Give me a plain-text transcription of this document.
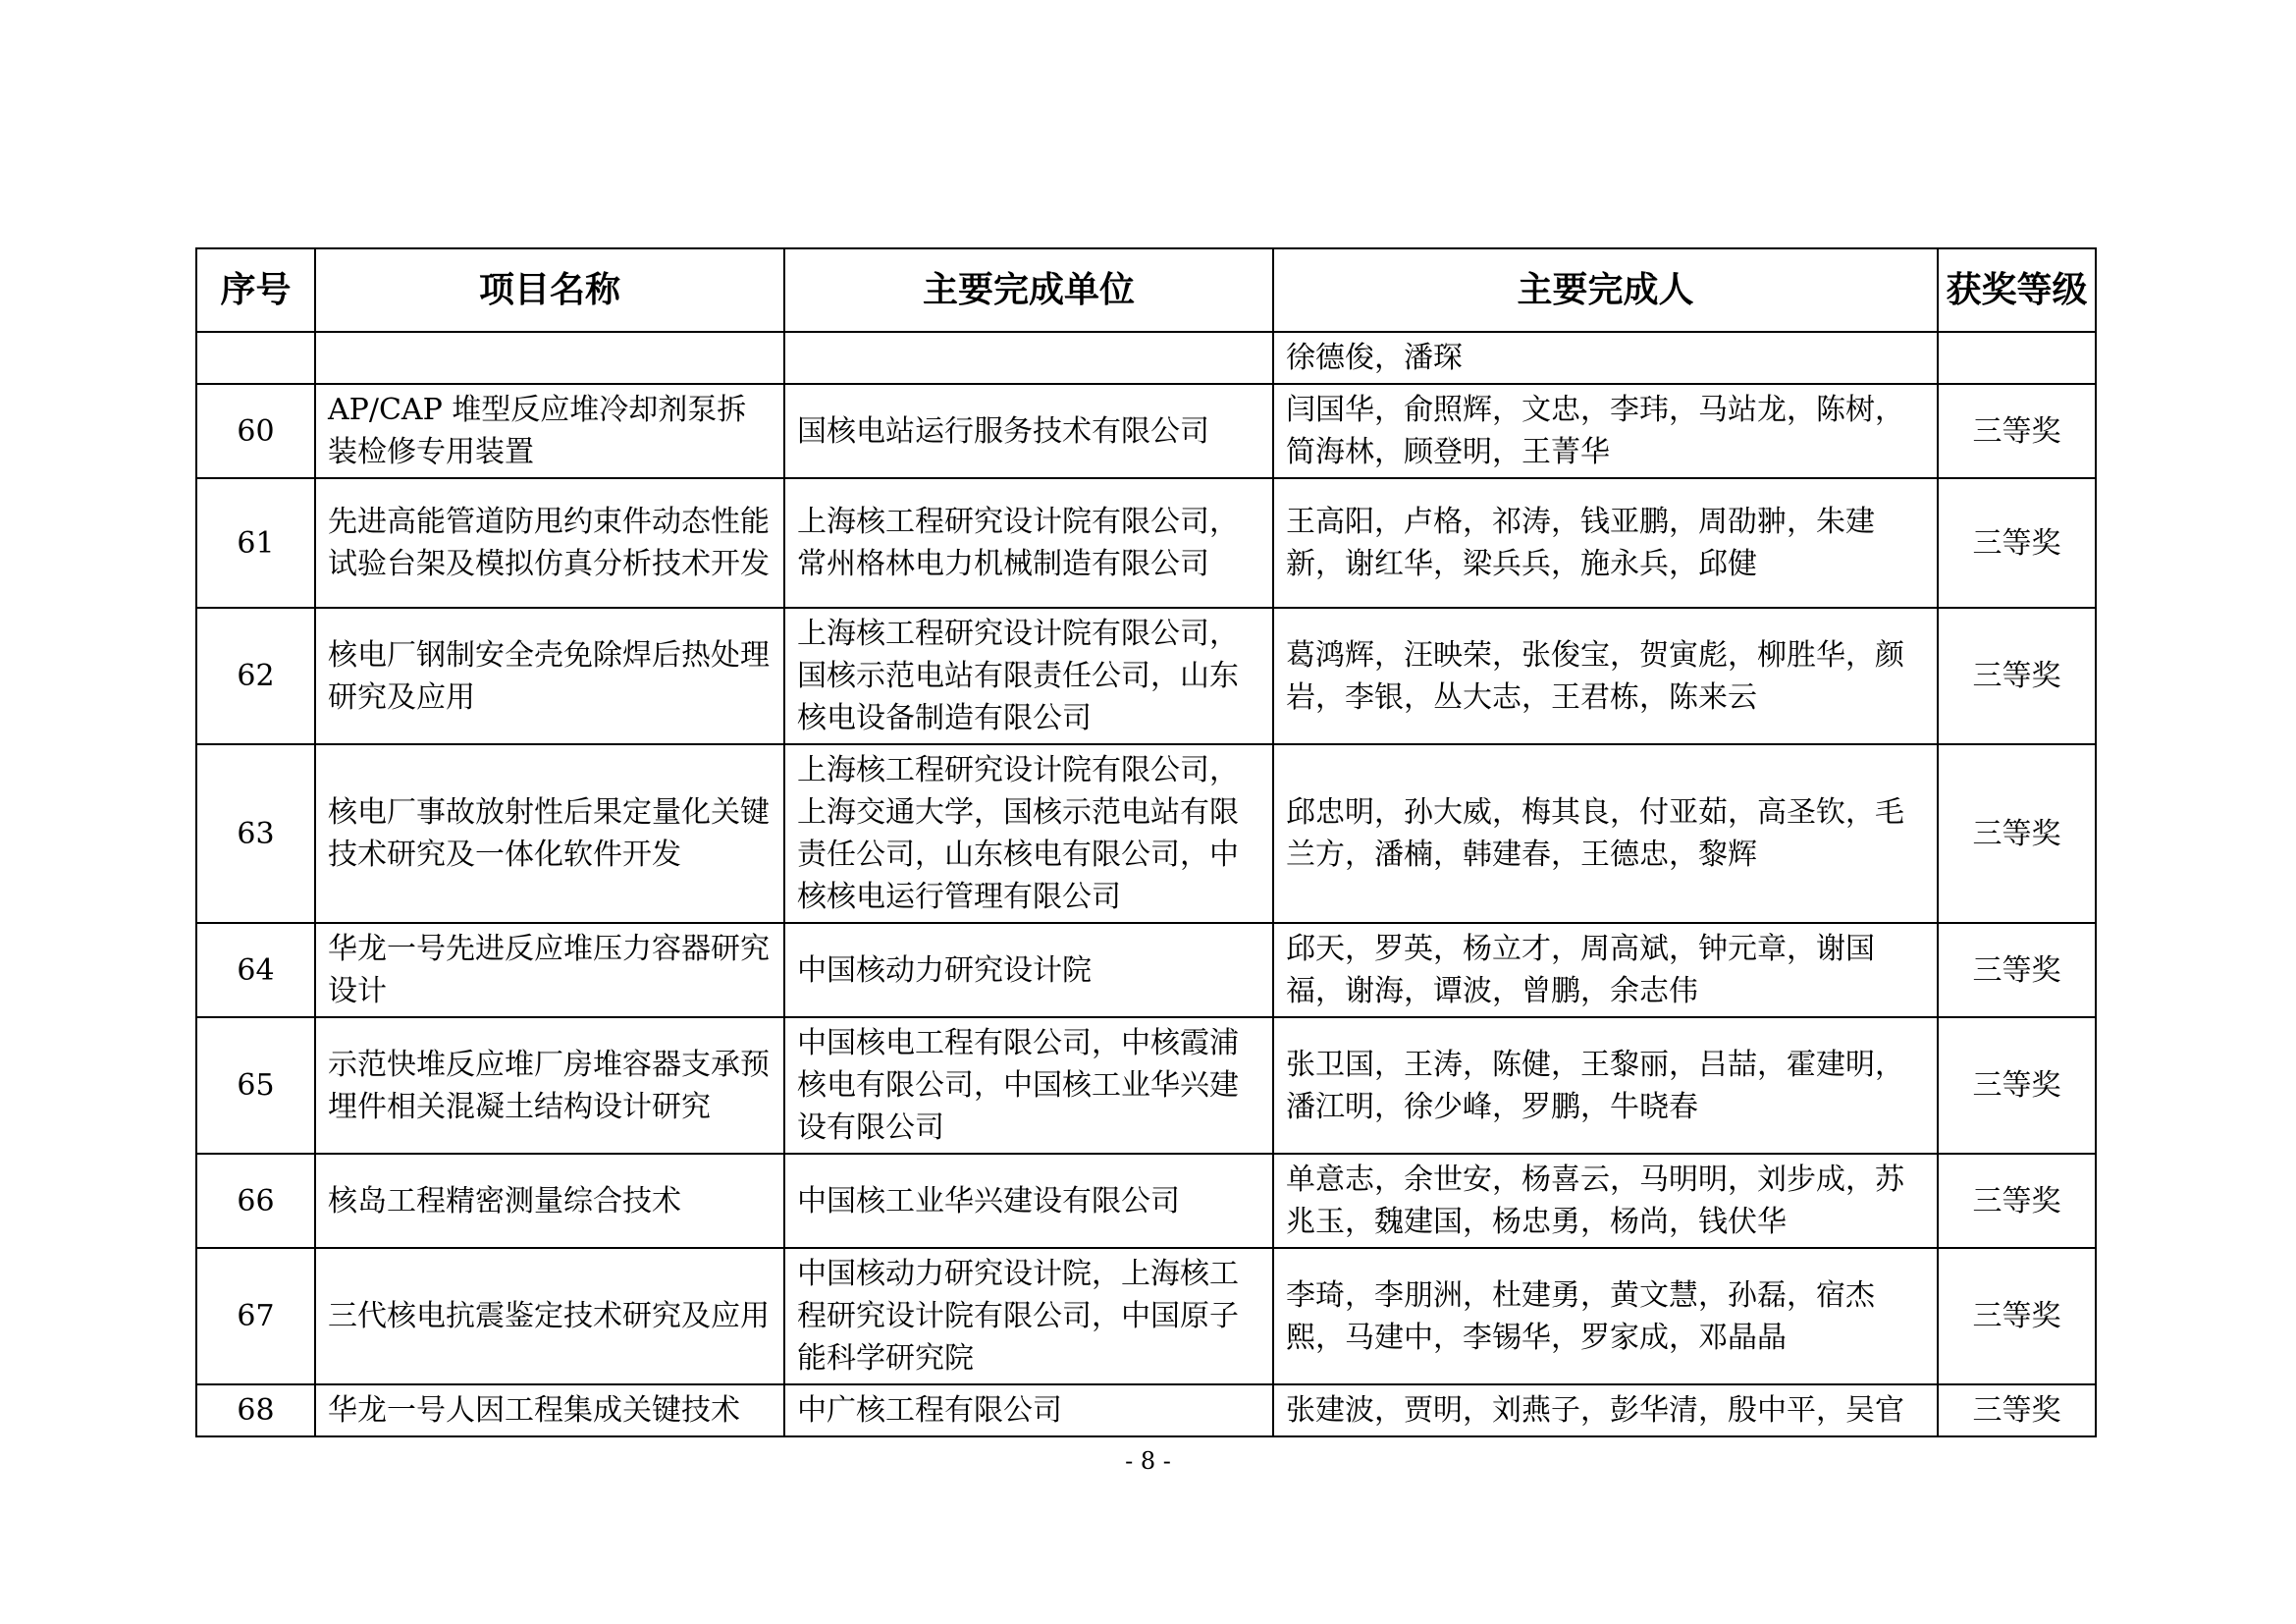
序号	项目名称	主要完成单位	主要完成人	获奖等级
			徐德俊，潘琛	
60	AP/CAP 堆型反应堆冷却剂泵拆装检修专用装置	国核电站运行服务技术有限公司	闫国华，俞照辉，文忠，李玮，马站龙，陈树，简海林，顾登明，王菁华	三等奖
61	先进高能管道防甩约束件动态性能试验台架及模拟仿真分析技术开发	上海核工程研究设计院有限公司，常州格林电力机械制造有限公司	王高阳，卢格，祁涛，钱亚鹏，周劭翀，朱建新，谢红华，梁兵兵，施永兵，邱健	三等奖
62	核电厂钢制安全壳免除焊后热处理研究及应用	上海核工程研究设计院有限公司，国核示范电站有限责任公司，山东核电设备制造有限公司	葛鸿辉，汪映荣，张俊宝，贺寅彪，柳胜华，颜岩，李银，丛大志，王君栋，陈来云	三等奖
63	核电厂事故放射性后果定量化关键技术研究及一体化软件开发	上海核工程研究设计院有限公司，上海交通大学，国核示范电站有限责任公司，山东核电有限公司，中核核电运行管理有限公司	邱忠明，孙大威，梅其良，付亚茹，高圣钦，毛兰方，潘楠，韩建春，王德忠，黎辉	三等奖
64	华龙一号先进反应堆压力容器研究设计	中国核动力研究设计院	邱天，罗英，杨立才，周高斌，钟元章，谢国福，谢海，谭波，曾鹏，余志伟	三等奖
65	示范快堆反应堆厂房堆容器支承预埋件相关混凝土结构设计研究	中国核电工程有限公司，中核霞浦核电有限公司，中国核工业华兴建设有限公司	张卫国，王涛，陈健，王黎丽，吕喆，霍建明，潘江明，徐少峰，罗鹏，牛晓春	三等奖
66	核岛工程精密测量综合技术	中国核工业华兴建设有限公司	单意志，余世安，杨喜云，马明明，刘步成，苏兆玉，魏建国，杨忠勇，杨尚，钱伏华	三等奖
67	三代核电抗震鉴定技术研究及应用	中国核动力研究设计院，上海核工程研究设计院有限公司，中国原子能科学研究院	李琦，李朋洲，杜建勇，黄文慧，孙磊，宿杰熙，马建中，李锡华，罗家成，邓晶晶	三等奖
68	华龙一号人因工程集成关键技术	中广核工程有限公司	张建波，贾明，刘燕子，彭华清，殷中平，吴官	三等奖
- 8 -
